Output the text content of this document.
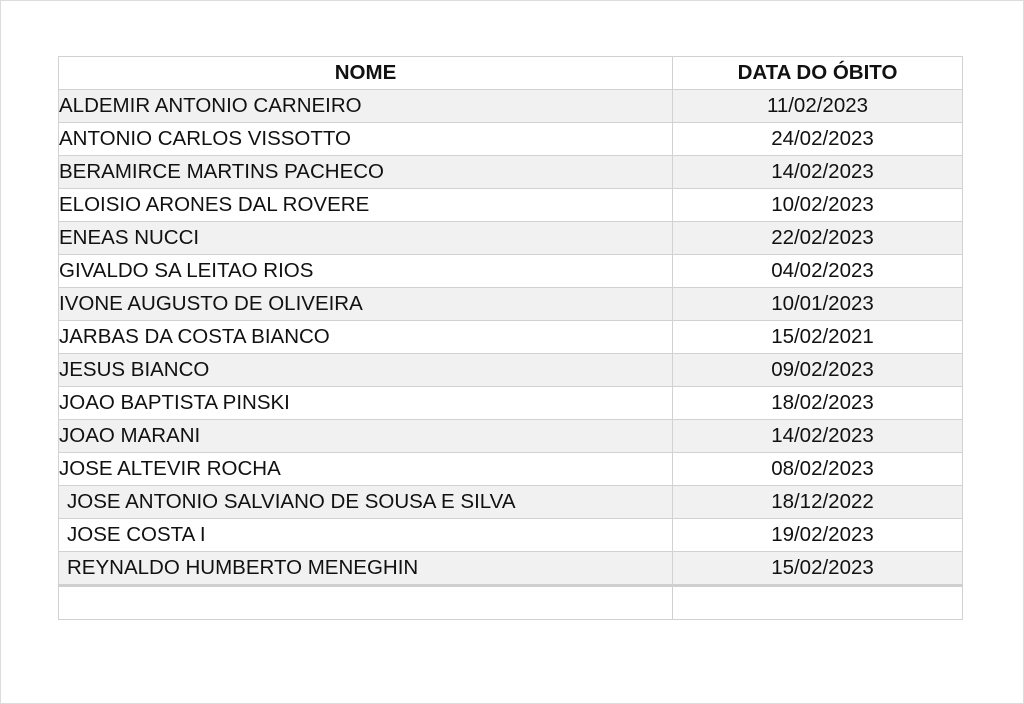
NOME	DATA DO ÓBITO
ALDEMIR ANTONIO CARNEIRO	11/02/2023
ANTONIO CARLOS VISSOTTO	24/02/2023
BERAMIRCE MARTINS PACHECO	14/02/2023
ELOISIO ARONES DAL ROVERE	10/02/2023
ENEAS NUCCI	22/02/2023
GIVALDO SA LEITAO RIOS	04/02/2023
IVONE AUGUSTO DE OLIVEIRA	10/01/2023
JARBAS DA COSTA BIANCO	15/02/2021
JESUS BIANCO	09/02/2023
JOAO BAPTISTA PINSKI	18/02/2023
JOAO MARANI	14/02/2023
JOSE ALTEVIR ROCHA	08/02/2023
JOSE ANTONIO SALVIANO DE SOUSA E SILVA	18/12/2022
JOSE COSTA I	19/02/2023
REYNALDO HUMBERTO MENEGHIN	15/02/2023
